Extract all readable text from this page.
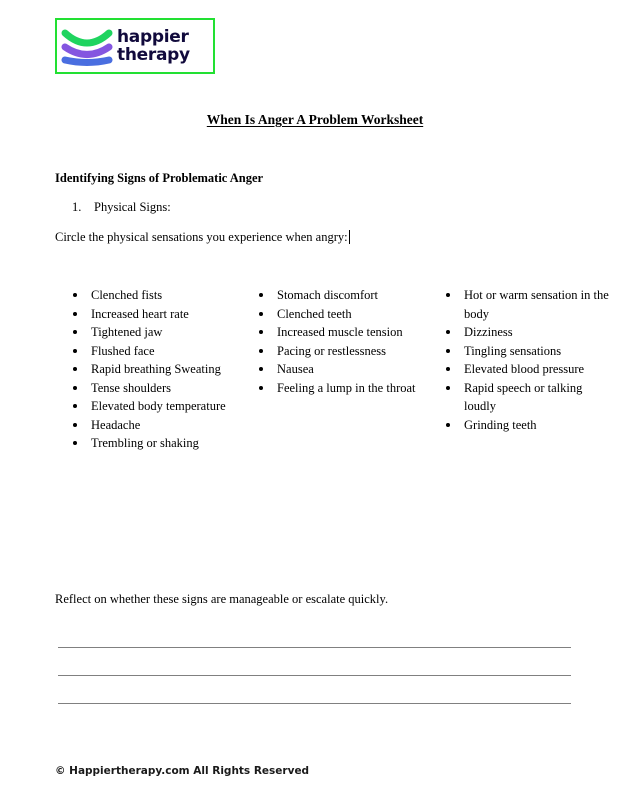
happier
therapy
When Is Anger A Problem Worksheet
Identifying Signs of Problematic Anger
1. Physical Signs:
Circle the physical sensations you experience when angry:
Clenched fists
Increased heart rate
Tightened jaw
Flushed face
Rapid breathing Sweating
Tense shoulders
Elevated body temperature
Headache
Trembling or shaking
Stomach discomfort
Clenched teeth
Increased muscle tension
Pacing or restlessness
Nausea
Feeling a lump in the throat
Hot or warm sensation in the body
Dizziness
Tingling sensations
Elevated blood pressure
Rapid speech or talking loudly
Grinding teeth
Reflect on whether these signs are manageable or escalate quickly.
© Happiertherapy.com All Rights Reserved
